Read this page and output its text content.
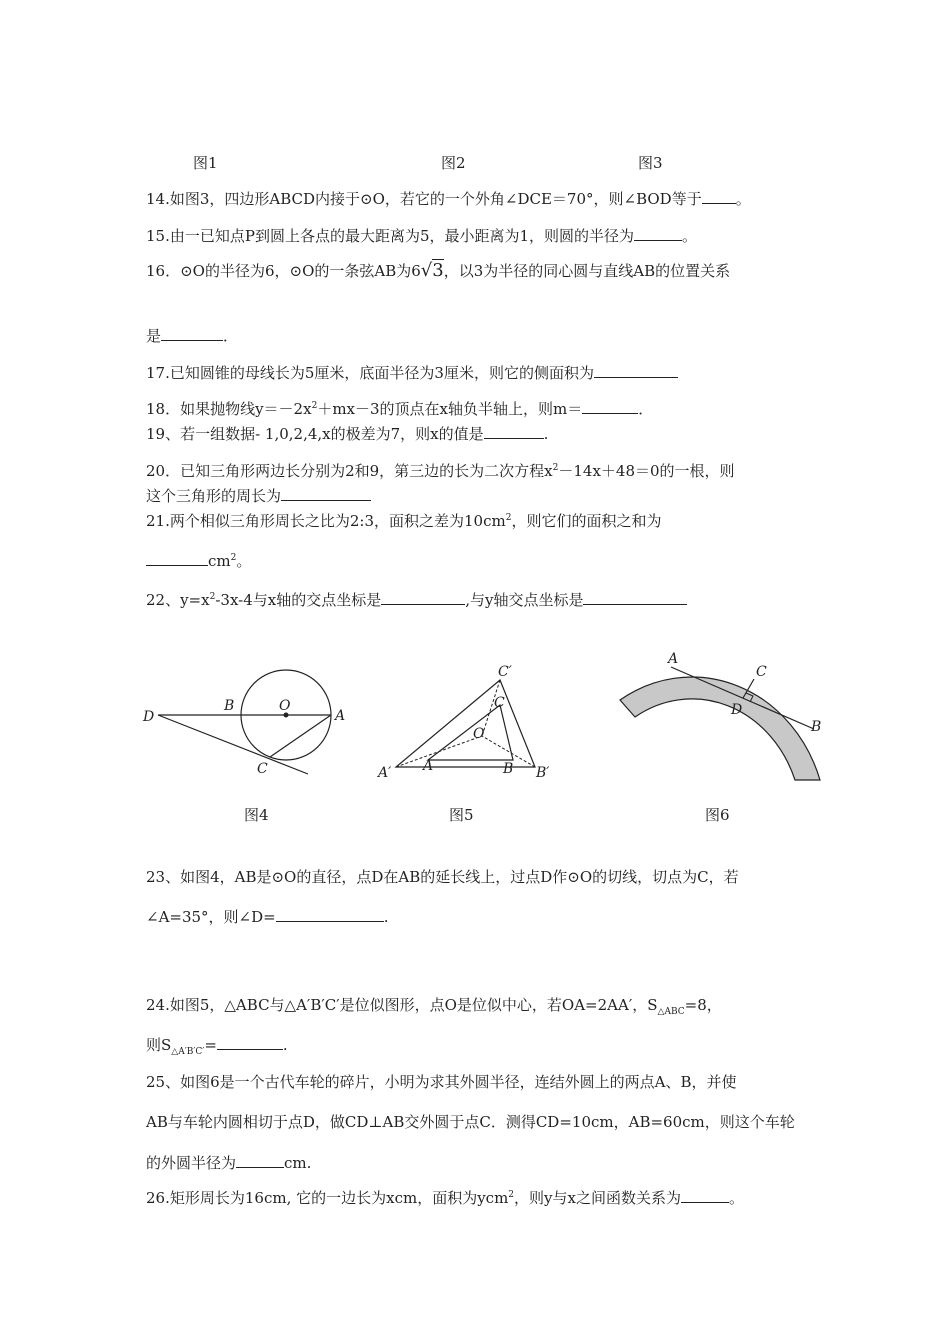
图1	图2	图3
14.如图3，四边形ABCD内接于⊙O，若它的一个外角∠DCE＝70°，则∠BOD等于 。
15.由一已知点P到圆上各点的最大距离为5，最小距离为1，则圆的半径为	。
16．⊙O的半径为6，⊙O的一条弦AB为6√3，以3为半径的同心圆与直线AB的位置关系
是	．
17.已知圆锥的母线长为5厘米，底面半径为3厘米，则它的侧面积为
18．如果抛物线$y=-2x^2+mx-3$的顶点在x轴负半轴上，则m＝	．
19、若一组数据- 1,0,2,4,x的极差为7，则x的值是	.
20．已知三角形两边长分别为2和9，第三边的长为二次方程$x^2-14x+48=0$的一根，则
这个三角形的周长为
21.两个相似三角形周长之比为2:3，面积之差为$10cm^2$，则它们的面积之和为
$cm^2$。
22、$y=x^2-3x-4$与x轴的交点坐标是	,与y轴交点坐标是
D
B	O
A
C
图4
C′
C
O
A′ A	B B′
图5
A
C
D
B
图6
23、如图4，AB是⊙O的直径，点D在AB的延长线上，过点D作⊙O的切线，切点为C，若
∠A=35°，则∠D=	.
24.如图5，△ABC与△A′B′C′是位似图形，点O是位似中心，若OA=2AA′，$S_{\triangle ABC}=8$，
则$S_{\triangle A'B'C'}=$	.
25、如图6是一个古代车轮的碎片，小明为求其外圆半径，连结外圆上的两点A、B，并使
AB与车轮内圆相切于点D，做CD⊥AB交外圆于点C．测得CD=10cm，AB=60cm，则这个车轮
的外圆半径为	cm.
26.矩形周长为16cm, 它的一边长为xcm，面积为ycm$^2$，则y与x之间函数关系为	。
